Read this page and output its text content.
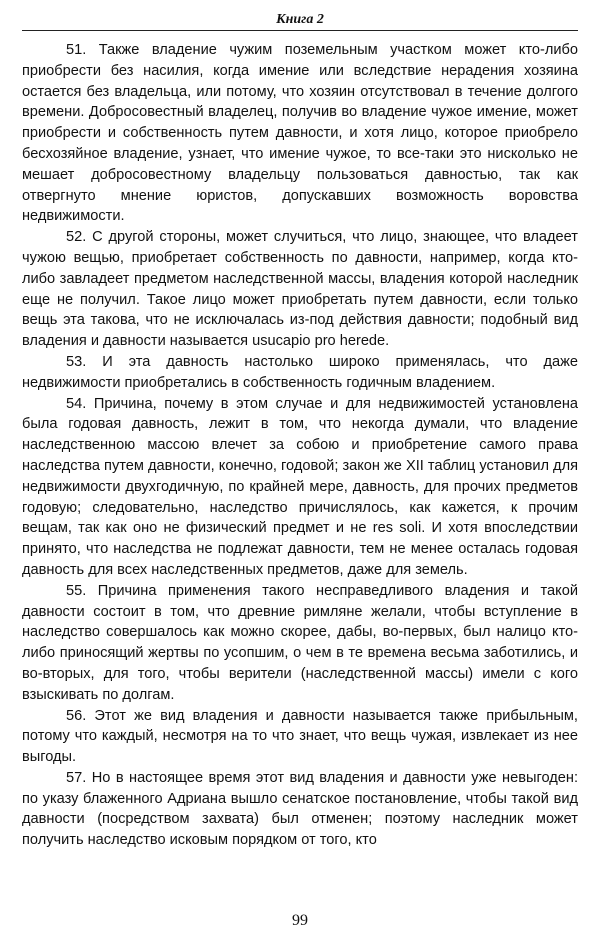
Книга 2

51. Также владение чужим поземельным участком может кто-либо приобрести без насилия, когда имение или вследствие нерадения хозяина остается без владельца, или потому, что хозяин отсутствовал в течение долгого времени. Добросовестный владелец, получив во владение чужое имение, может приобрести и собственность путем давности, и хотя лицо, которое приобрело бесхозяйное владение, узнает, что имение чужое, то все-таки это нисколько не мешает добросовестному владельцу пользоваться давностью, так как отвергнуто мнение юристов, допускавших возможность воровства недвижимости.

52. С другой стороны, может случиться, что лицо, знающее, что владеет чужою вещью, приобретает собственность по давности, например, когда кто-либо завладеет предметом наследственной массы, владения которой наследник еще не получил. Такое лицо может приобретать путем давности, если только вещь эта такова, что не исключалась из-под действия давности; подобный вид владения и давности называется usucapio pro herede.

53. И эта давность настолько широко применялась, что даже недвижимости приобретались в собственность годичным владением.

54. Причина, почему в этом случае и для недвижимостей установлена была годовая давность, лежит в том, что некогда думали, что владение наследственною массою влечет за собою и приобретение самого права наследства путем давности, конечно, годовой; закон же XII таблиц установил для недвижимости двухгодичную, по крайней мере, давность, для прочих предметов годовую; следовательно, наследство причислялось, как кажется, к прочим вещам, так как оно не физический предмет и не res soli. И хотя впоследствии принято, что наследства не подлежат давности, тем не менее осталась годовая давность для всех наследственных предметов, даже для земель.

55. Причина применения такого несправедливого владения и такой давности состоит в том, что древние римляне желали, чтобы вступление в наследство совершалось как можно скорее, дабы, во-первых, был налицо кто-либо приносящий жертвы по усопшим, о чем в те времена весьма заботились, и во-вторых, для того, чтобы верители (наследственной массы) имели с кого взыскивать по долгам.

56. Этот же вид владения и давности называется также прибыльным, потому что каждый, несмотря на то что знает, что вещь чужая, извлекает из нее выгоды.

57. Но в настоящее время этот вид владения и давности уже невыгоден: по указу блаженного Адриана вышло сенатское постановление, чтобы такой вид давности (посредством захвата) был отменен; поэтому наследник может получить наследство исковым порядком от того, кто

99
